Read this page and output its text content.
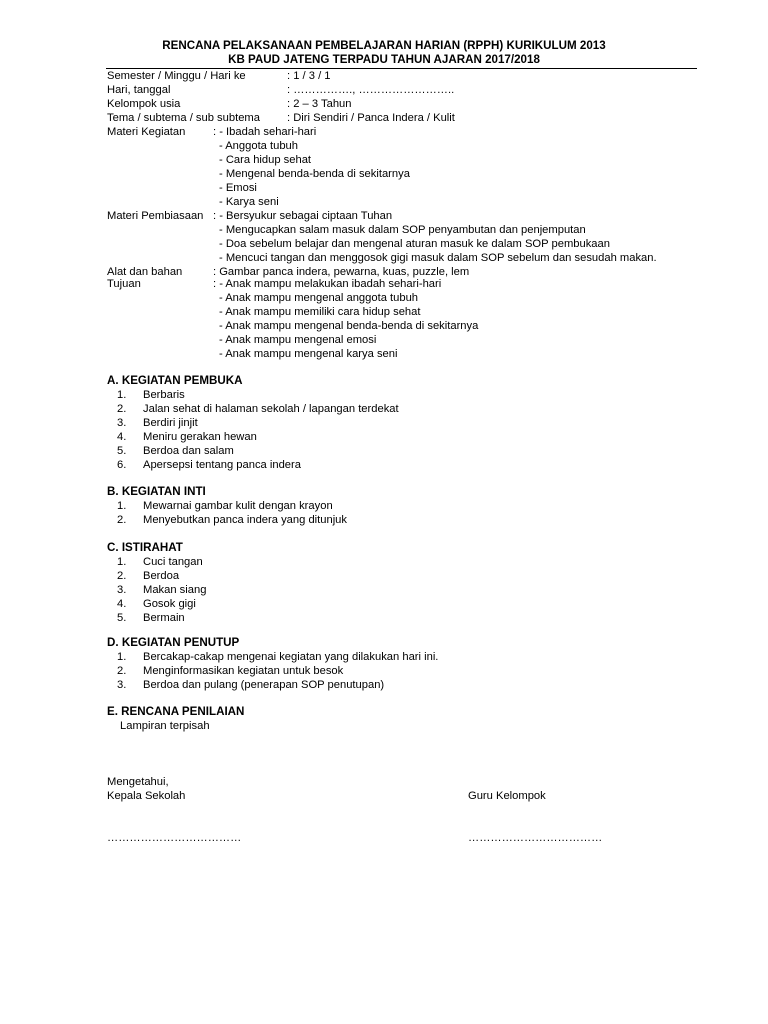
RENCANA PELAKSANAAN PEMBELAJARAN HARIAN (RPPH) KURIKULUM 2013
KB PAUD JATENG TERPADU TAHUN AJARAN 2017/2018
Semester / Minggu / Hari ke	: 1 / 3 / 1
Hari, tanggal	: ……………., ……………………..
Kelompok usia	: 2 – 3 Tahun
Tema / subtema / sub subtema : Diri Sendiri / Panca Indera / Kulit
Materi Kegiatan : - Ibadah sehari-hari
- Anggota tubuh
- Cara hidup sehat
- Mengenal benda-benda di sekitarnya
- Emosi
- Karya seni
Materi Pembiasaan : - Bersyukur sebagai ciptaan Tuhan
- Mengucapkan salam masuk dalam SOP penyambutan dan penjemputan
- Doa sebelum belajar dan mengenal aturan masuk ke dalam SOP pembukaan
- Mencuci tangan dan menggosok gigi masuk dalam SOP sebelum dan sesudah makan.
Alat dan bahan	: Gambar panca indera, pewarna, kuas, puzzle, lem
Tujuan	: - Anak mampu melakukan ibadah sehari-hari
- Anak mampu mengenal anggota tubuh
- Anak mampu memiliki cara hidup sehat
- Anak mampu mengenal benda-benda di sekitarnya
- Anak mampu mengenal emosi
- Anak mampu mengenal karya seni
A. KEGIATAN PEMBUKA
1.	Berbaris
2.	Jalan sehat di halaman sekolah / lapangan terdekat
3.	Berdiri jinjit
4.	Meniru gerakan hewan
5.	Berdoa dan salam
6.	Apersepsi tentang panca indera
B. KEGIATAN INTI
1.	Mewarnai gambar kulit dengan krayon
2.	Menyebutkan panca indera yang ditunjuk
C. ISTIRAHAT
1.	Cuci tangan
2.	Berdoa
3.	Makan siang
4.	Gosok gigi
5.	Bermain
D. KEGIATAN PENUTUP
1.	Bercakap-cakap mengenai kegiatan yang dilakukan hari ini.
2.	Menginformasikan kegiatan untuk besok
3.	Berdoa dan pulang (penerapan SOP penutupan)
E. RENCANA PENILAIAN
Lampiran terpisah
Mengetahui,
Kepala Sekolah	Guru Kelompok
………………………………	………………………………
